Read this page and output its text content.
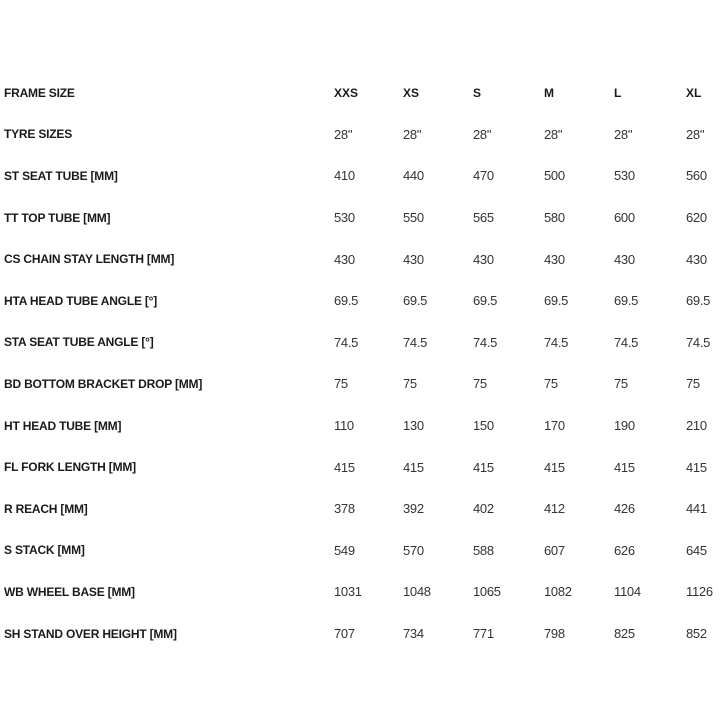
FRAME SIZE	XXS	XS	S	M	L	XL
TYRE SIZES	28"	28"	28"	28"	28"	28"
ST SEAT TUBE [MM]	410	440	470	500	530	560
TT TOP TUBE [MM]	530	550	565	580	600	620
CS CHAIN STAY LENGTH [MM]	430	430	430	430	430	430
HTA HEAD TUBE ANGLE [°]	69.5	69.5	69.5	69.5	69.5	69.5
STA SEAT TUBE ANGLE [°]	74.5	74.5	74.5	74.5	74.5	74.5
BD BOTTOM BRACKET DROP [MM]	75	75	75	75	75	75
HT HEAD TUBE [MM]	110	130	150	170	190	210
FL FORK LENGTH [MM]	415	415	415	415	415	415
R REACH [MM]	378	392	402	412	426	441
S STACK [MM]	549	570	588	607	626	645
WB WHEEL BASE [MM]	1031	1048	1065	1082	1104	1126
SH STAND OVER HEIGHT [MM]	707	734	771	798	825	852
